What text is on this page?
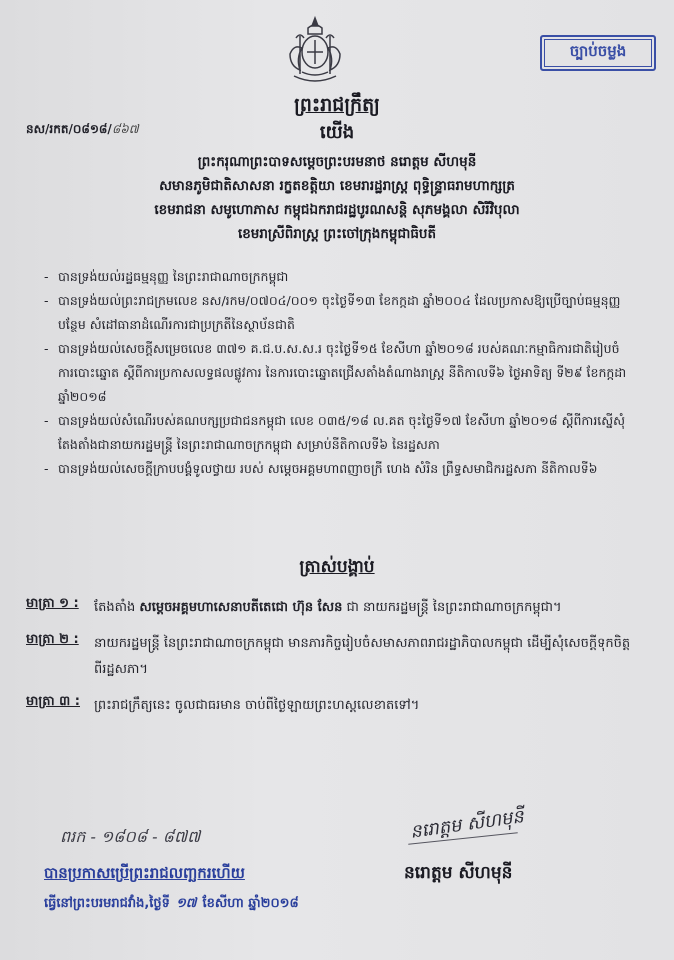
ច្បាប់ចម្លង
ព្រះរាជក្រឹត្យ
យើង
នស/រកត/០៨១៨/៨៦៧
ព្រះករុណាព្រះបាទសម្តេចព្រះបរមនាថ នរោត្តម សីហមុនី
សមានភូមិជាតិសាសនា រក្ខតខត្តិយា ខេមរារដ្ឋរាស្ត្រ ពុទ្ធិន្ទ្រាធរាមហាក្សត្រ
ខេមរាជនា សមូហោភាស កម្ពុជឯករាជរដ្ឋបូរណសន្តិ សុភមង្គលា សិរីវិបុលា
ខេមរាស្រីពិរាស្ត្រ ព្រះចៅក្រុងកម្ពុជាធិបតី
- បានទ្រង់យល់រដ្ឋធម្មនុញ្ញ នៃព្រះរាជាណាចក្រកម្ពុជា
- បានទ្រង់យល់ព្រះរាជក្រមលេខ នស/រកម/០៧០៤/០០១ ចុះថ្ងៃទី១៣ ខែកក្កដា ឆ្នាំ២០០៤ ដែលប្រកាសឱ្យប្រើច្បាប់ធម្មនុញ្ញបន្ថែម សំដៅធានាដំណើរការជាប្រក្រតីនៃស្ថាប័នជាតិ
- បានទ្រង់យល់សេចក្តីសម្រេចលេខ ៣៧១ គ.ជ.ប.ស.ស.រ ចុះថ្ងៃទី១៥ ខែសីហា ឆ្នាំ២០១៨ របស់គណៈកម្មាធិការជាតិរៀបចំការបោះឆ្នោត ស្តីពីការប្រកាសលទ្ធផលផ្លូវការ នៃការបោះឆ្នោតជ្រើសតាំងតំណាងរាស្ត្រ នីតិកាលទី៦ ថ្ងៃអាទិត្យ ទី២៩ ខែកក្កដា ឆ្នាំ២០១៨
- បានទ្រង់យល់សំណើរបស់គណបក្សប្រជាជនកម្ពុជា លេខ ០៣៥/១៨ ល.គត ចុះថ្ងៃទី១៧ ខែសីហា ឆ្នាំ២០១៨ ស្តីពីការស្នើសុំតែងតាំងជានាយករដ្ឋមន្ត្រី នៃព្រះរាជាណាចក្រកម្ពុជា សម្រាប់នីតិកាលទី៦ នៃរដ្ឋសភា
- បានទ្រង់យល់សេចក្តីក្រាបបង្គំទូលថ្វាយ របស់ សម្តេចអគ្គមហាពញាចក្រី ហេង សំរិន ព្រឹទ្ធសមាជិករដ្ឋសភា នីតិកាលទី៦
ត្រាស់បង្គាប់
មាត្រា ១ :	តែងតាំង សម្តេចអគ្គមហាសេនាបតីតេជោ ហ៊ុន សែន ជា នាយករដ្ឋមន្ត្រី នៃព្រះរាជាណាចក្រកម្ពុជា។
មាត្រា ២ :	នាយករដ្ឋមន្ត្រី នៃព្រះរាជាណាចក្រកម្ពុជា មានភារកិច្ចរៀបចំសមាសភាពរាជរដ្ឋាភិបាលកម្ពុជា ដើម្បីសុំសេចក្តីទុកចិត្តពីរដ្ឋសភា។
មាត្រា ៣ :	ព្រះរាជក្រឹត្យនេះ ចូលជាធរមាន ចាប់ពីថ្ងៃឡាយព្រះហស្តលេខាតទៅ។
ពរក - ១៨០៨ - ៨៧៧	នរោត្តម សីហមុនី
បានប្រកាសប្រើព្រះរាជលញ្ឆករហើយ	នរោត្តម សីហមុនី
ធ្វើនៅព្រះបរមរាជវាំង,ថ្ងៃទី ១៧ ខែសីហា ឆ្នាំ២០១៨
